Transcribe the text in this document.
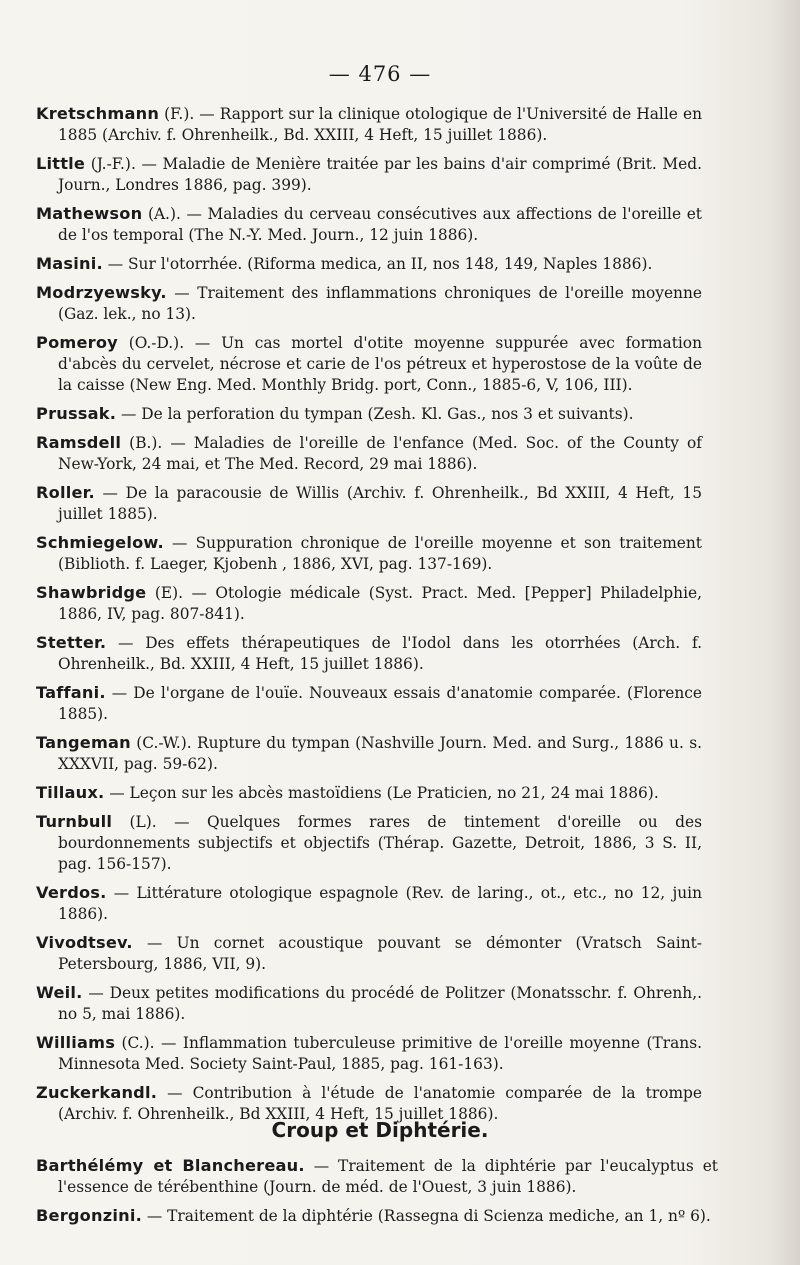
— 476 —

Kretschmann (F.). — Rapport sur la clinique otologique de l'Université de Halle en 1885 (Archiv. f. Ohrenheilk., Bd. XXIII, 4 Heft, 15 juillet 1886).

Little (J.-F.). — Maladie de Menière traitée par les bains d'air comprimé (Brit. Med. Journ., Londres 1886, pag. 399).

Mathewson (A.). — Maladies du cerveau consécutives aux affections de l'oreille et de l'os temporal (The N.-Y. Med. Journ., 12 juin 1886).

Masini. — Sur l'otorrhée. (Riforma medica, an II, nos 148, 149, Naples 1886).

Modrzyewsky. — Traitement des inflammations chroniques de l'oreille moyenne (Gaz. lek., no 13).

Pomeroy (O.-D.). — Un cas mortel d'otite moyenne suppurée avec formation d'abcès du cervelet, nécrose et carie de l'os pétreux et hyperostose de la voûte de la caisse (New Eng. Med. Monthly Bridg. port, Conn., 1885-6, V, 106, III).

Prussak. — De la perforation du tympan (Zesh. Kl. Gas., nos 3 et suivants).

Ramsdell (B.). — Maladies de l'oreille de l'enfance (Med. Soc. of the County of New-York, 24 mai, et The Med. Record, 29 mai 1886).

Roller. — De la paracousie de Willis (Archiv. f. Ohrenheilk., Bd XXIII, 4 Heft, 15 juillet 1885).

Schmiegelow. — Suppuration chronique de l'oreille moyenne et son traitement (Biblioth. f. Laeger, Kjobenh , 1886, XVI, pag. 137-169).

Shawbridge (E). — Otologie médicale (Syst. Pract. Med. [Pepper] Philadelphie, 1886, IV, pag. 807-841).

Stetter. — Des effets thérapeutiques de l'Iodol dans les otorrhées (Arch. f. Ohrenheilk., Bd. XXIII, 4 Heft, 15 juillet 1886).

Taffani. — De l'organe de l'ouïe. Nouveaux essais d'anatomie comparée. (Florence 1885).

Tangeman (C.-W.). Rupture du tympan (Nashville Journ. Med. and Surg., 1886 u. s. XXXVII, pag. 59-62).

Tillaux. — Leçon sur les abcès mastoïdiens (Le Praticien, no 21, 24 mai 1886).

Turnbull (L). — Quelques formes rares de tintement d'oreille ou des bourdonnements subjectifs et objectifs (Thérap. Gazette, Detroit, 1886, 3 S. II, pag. 156-157).

Verdos. — Littérature otologique espagnole (Rev. de laring., ot., etc., no 12, juin 1886).

Vivodtsev. — Un cornet acoustique pouvant se démonter (Vratsch Saint-Petersbourg, 1886, VII, 9).

Weil. — Deux petites modifications du procédé de Politzer (Monatsschr. f. Ohrenh,. no 5, mai 1886).

Williams (C.). — Inflammation tuberculeuse primitive de l'oreille moyenne (Trans. Minnesota Med. Society Saint-Paul, 1885, pag. 161-163).

Zuckerkandl. — Contribution à l'étude de l'anatomie comparée de la trompe (Archiv. f. Ohrenheilk., Bd XXIII, 4 Heft, 15 juillet 1886).

Croup et Diphtérie.

Barthélémy et Blanchereau. — Traitement de la diphtérie par l'eucalyptus et l'essence de térébenthine (Journ. de méd. de l'Ouest, 3 juin 1886).

Bergonzini. — Traitement de la diphtérie (Rassegna di Scienza mediche, an 1, nº 6).
